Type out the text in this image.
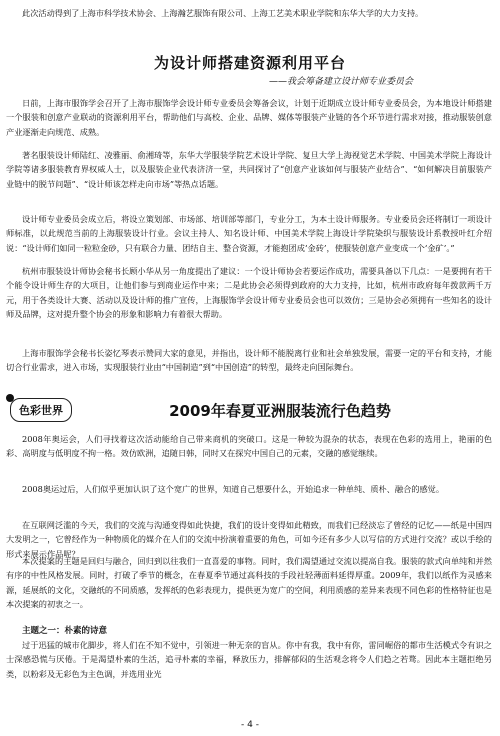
此次活动得到了上海市科学技术协会、上海瀚艺服饰有限公司、上海工艺美术职业学院和东华大学的大力支持。

为设计师搭建资源利用平台

——我会筹备建立设计师专业委员会

日前，上海市服饰学会召开了上海市服饰学会设计师专业委员会筹备会议，计划于近期成立设计师专业委员会，为本地设计师搭建一个服装和创意产业联动的资源利用平台，帮助他们与高校、企业、品牌、媒体等服装产业链的各个环节进行需求对接，推动服装创意产业逐渐走向规范、成熟。

著名服装设计师陆红、凌雅丽、俞湘琦等，东华大学服装学院艺术设计学院、复旦大学上海视觉艺术学院、中国美术学院上海设计学院等诸多服装教育界权威人士，以及服装企业代表济济一堂，共同探讨了“创意产业该如何与服装产业结合”、“如何解决目前服装产业链中的脱节问题”、“设计师该怎样走向市场”等热点话题。

设计师专业委员会成立后，将设立策划部、市场部、培训部等部门，专业分工，为本土设计师服务。专业委员会还将制订一项设计师标准，以此规范当前的上海服装设计行业。会议主持人、知名设计师、中国美术学院上海设计学院染织与服装设计系教授叶红介绍说：“设计师们如同一粒粒金砂，只有联合力量、团结自主、整合资源，才能抱团成‘金砖’，使服装创意产业变成一个‘金矿’。”

杭州市服装设计师协会秘书长顾小华从另一角度提出了建议：一个设计师协会若要运作成功，需要具备以下几点：一是要拥有若干个能令设计师生存的大项目，让他们参与到商业运作中来；二是此协会必须得到政府的大力支持，比如，杭州市政府每年拨款两千万元，用于各类设计大赛、活动以及设计师的推广宣传，上海服饰学会设计师专业委员会也可以效仿；三是协会必须拥有一些知名的设计师及品牌，这对提升整个协会的形象和影响力有着很大帮助。

上海市服饰学会秘书长姿忆琴表示赞同大家的意见，并指出，设计师不能脱离行业和社会单独发展，需要一定的平台和支持，才能切合行业需求，进入市场，实现服装行业由“中国制造”到“中国创造”的转型，最终走向国际舞台。

色彩世界	2009年春夏亚洲服装流行色趋势

2008年奥运会，人们寻找着这次活动能给自己带来商机的突破口。这是一种较为混杂的状态，表现在色彩的选用上，艳丽的色彩、高明度与低明度不拘一格。效仿欧洲，追随日韩，同时又在探究中国自己的元素，交融的感觉继续。

2008奥运过后，人们似乎更加认识了这个宽广的世界，知道自己想要什么，开始追求一种单纯、质朴、融合的感觉。

在互联网泛滥的今天，我们的交流与沟通变得如此快捷，我们的设计变得如此精致，而我们已经淡忘了曾经的记忆——纸是中国四大发明之一，它曾经作为一种物质化的媒介在人们的交流中扮演着重要的角色，可如今还有多少人以写信的方式进行交流？或以手绘的形式来展示作品呢？

本次提案的主题是回归与融合，回归到以往我们一直喜爱的事物。同时，我们渴望通过交流以提高自我。服装的款式向单纯和并然有序的中性风格发展。同时，打破了季节的概念，在春夏季节通过高科技的手段社轻薄面料延得厚重。2009年，我们以纸作为灵感来源，延展纸的文化，交融纸的不同质感，发挥纸的色彩表现力，提供更为宽广的空间，利用质感的差异来表现不同色彩的性格特征也是本次提案的初衷之一。

主题之一：朴素的诗意

过于迅猛的城市化脚步，将人们在不知不觉中，引领进一种无奈的盲从。你中有我，我中有你，雷同崛俗的都市生活模式令有识之士深感恐慌与厌倦。于是渴望朴素的生活，追寻朴素的幸福，释放压力，排解郁闷的生活观念将令人们趋之若骛。因此本主题拒绝另类，以粉彩及无彩色为主色调，并选用业光

- 4 -
